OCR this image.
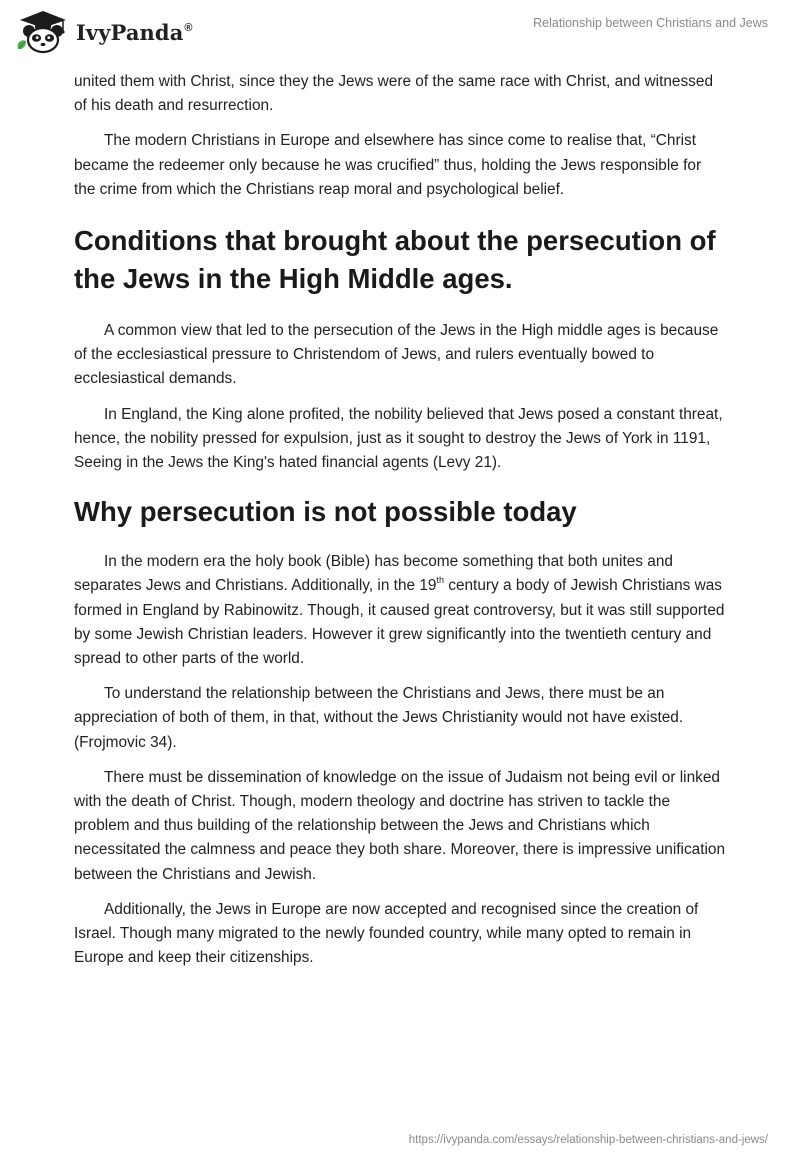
IvyPanda®	Relationship between Christians and Jews

united them with Christ, since they the Jews were of the same race with Christ, and witnessed of his death and resurrection.

The modern Christians in Europe and elsewhere has since come to realise that, “Christ became the redeemer only because he was crucified” thus, holding the Jews responsible for the crime from which the Christians reap moral and psychological belief.

Conditions that brought about the persecution of the Jews in the High Middle ages.

A common view that led to the persecution of the Jews in the High middle ages is because of the ecclesiastical pressure to Christendom of Jews, and rulers eventually bowed to ecclesiastical demands.

In England, the King alone profited, the nobility believed that Jews posed a constant threat, hence, the nobility pressed for expulsion, just as it sought to destroy the Jews of York in 1191, Seeing in the Jews the King's hated financial agents (Levy 21).

Why persecution is not possible today

In the modern era the holy book (Bible) has become something that both unites and separates Jews and Christians. Additionally, in the 19th century a body of Jewish Christians was formed in England by Rabinowitz. Though, it caused great controversy, but it was still supported by some Jewish Christian leaders. However it grew significantly into the twentieth century and spread to other parts of the world.

To understand the relationship between the Christians and Jews, there must be an appreciation of both of them, in that, without the Jews Christianity would not have existed. (Frojmovic 34).

There must be dissemination of knowledge on the issue of Judaism not being evil or linked with the death of Christ. Though, modern theology and doctrine has striven to tackle the problem and thus building of the relationship between the Jews and Christians which necessitated the calmness and peace they both share. Moreover, there is impressive unification between the Christians and Jewish.

Additionally, the Jews in Europe are now accepted and recognised since the creation of Israel. Though many migrated to the newly founded country, while many opted to remain in Europe and keep their citizenships.

https://ivypanda.com/essays/relationship-between-christians-and-jews/
